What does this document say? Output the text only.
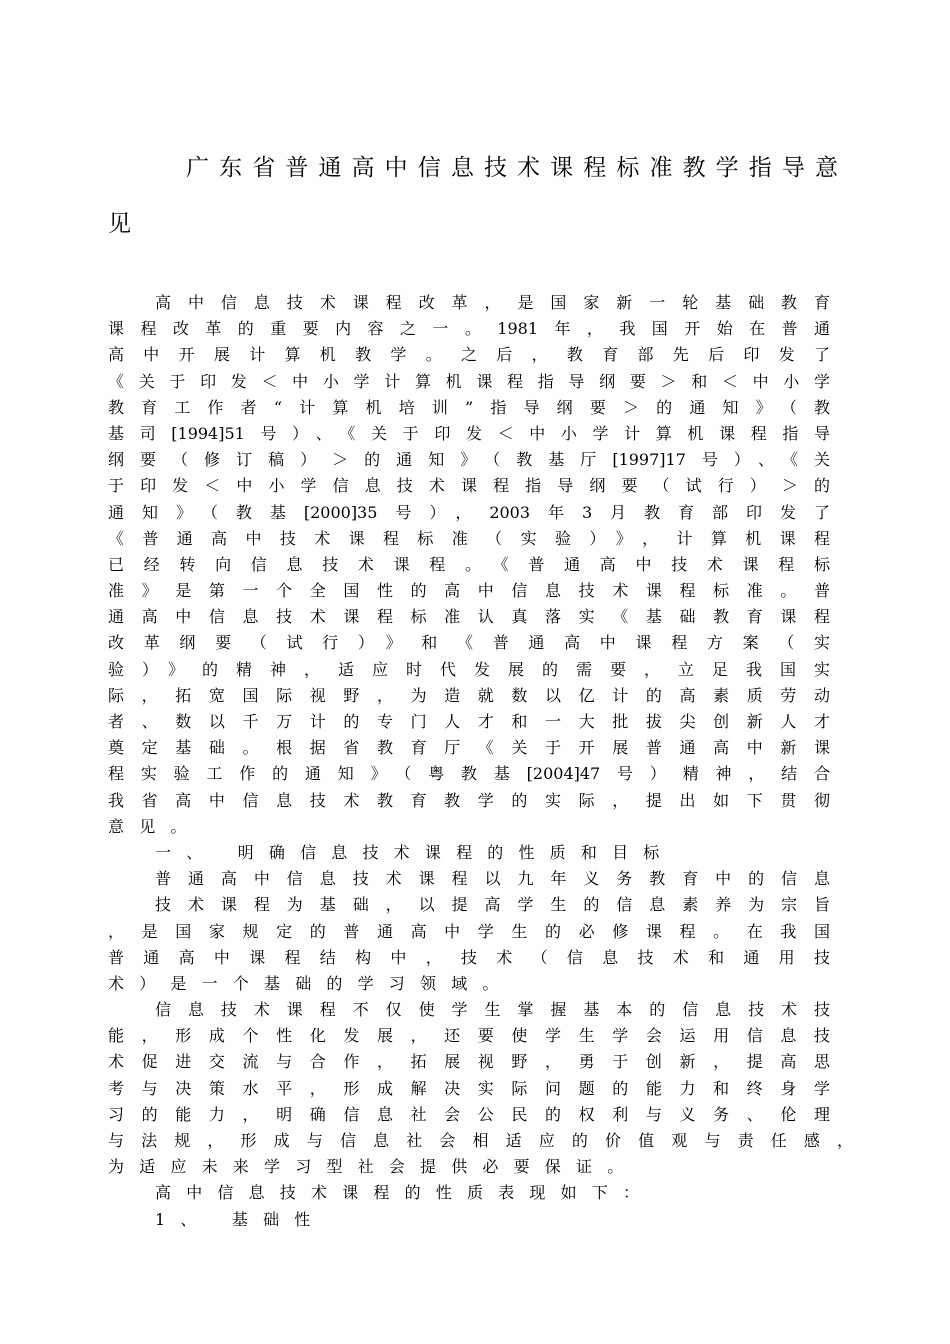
广东省普通高中信息技术课程标准教学指导意
见
高中信息技术课程改革，是国家新一轮基础教育
课程改革的重要内容之一。1981年，我国开始在普通
高中开展计算机教学。之后，教育部先后印发了
《关于印发＜中小学计算机课程指导纲要＞和＜中小学
教育工作者“计算机培训”指导纲要＞的通知》（教
基司[1994]51号）、《关于印发＜中小学计算机课程指导
纲要（修订稿）＞的通知》（教基厅[1997]17号）、《关
于印发＜中小学信息技术课程指导纲要（试行）＞的
通知》（教基[2000]35号），2003年3月教育部印发了
《普通高中技术课程标准（实验）》，计算机课程
已经转向信息技术课程。《普通高中技术课程标
准》是第一个全国性的高中信息技术课程标准。普
通高中信息技术课程标准认真落实《基础教育课程
改革纲要（试行）》和《普通高中课程方案（实
验）》的精神，适应时代发展的需要，立足我国实
际，拓宽国际视野，为造就数以亿计的高素质劳动
者、数以千万计的专门人才和一大批拔尖创新人才
奠定基础。根据省教育厅《关于开展普通高中新课
程实验工作的通知》（粤教基[2004]47号）精神，结合
我省高中信息技术教育教学的实际，提出如下贯彻
意见。
一、 明确信息技术课程的性质和目标
普通高中信息技术课程以九年义务教育中的信息
技术课程为基础，以提高学生的信息素养为宗旨
，是国家规定的普通高中学生的必修课程。在我国
普通高中课程结构中，技术（信息技术和通用技
术）是一个基础的学习领域。
信息技术课程不仅使学生掌握基本的信息技术技
能，形成个性化发展，还要使学生学会运用信息技
术促进交流与合作，拓展视野，勇于创新，提高思
考与决策水平，形成解决实际问题的能力和终身学
习的能力，明确信息社会公民的权利与义务、伦理
与法规，形成与信息社会相适应的价值观与责任感，
为适应未来学习型社会提供必要保证。
高中信息技术课程的性质表现如下：
1、 基础性
